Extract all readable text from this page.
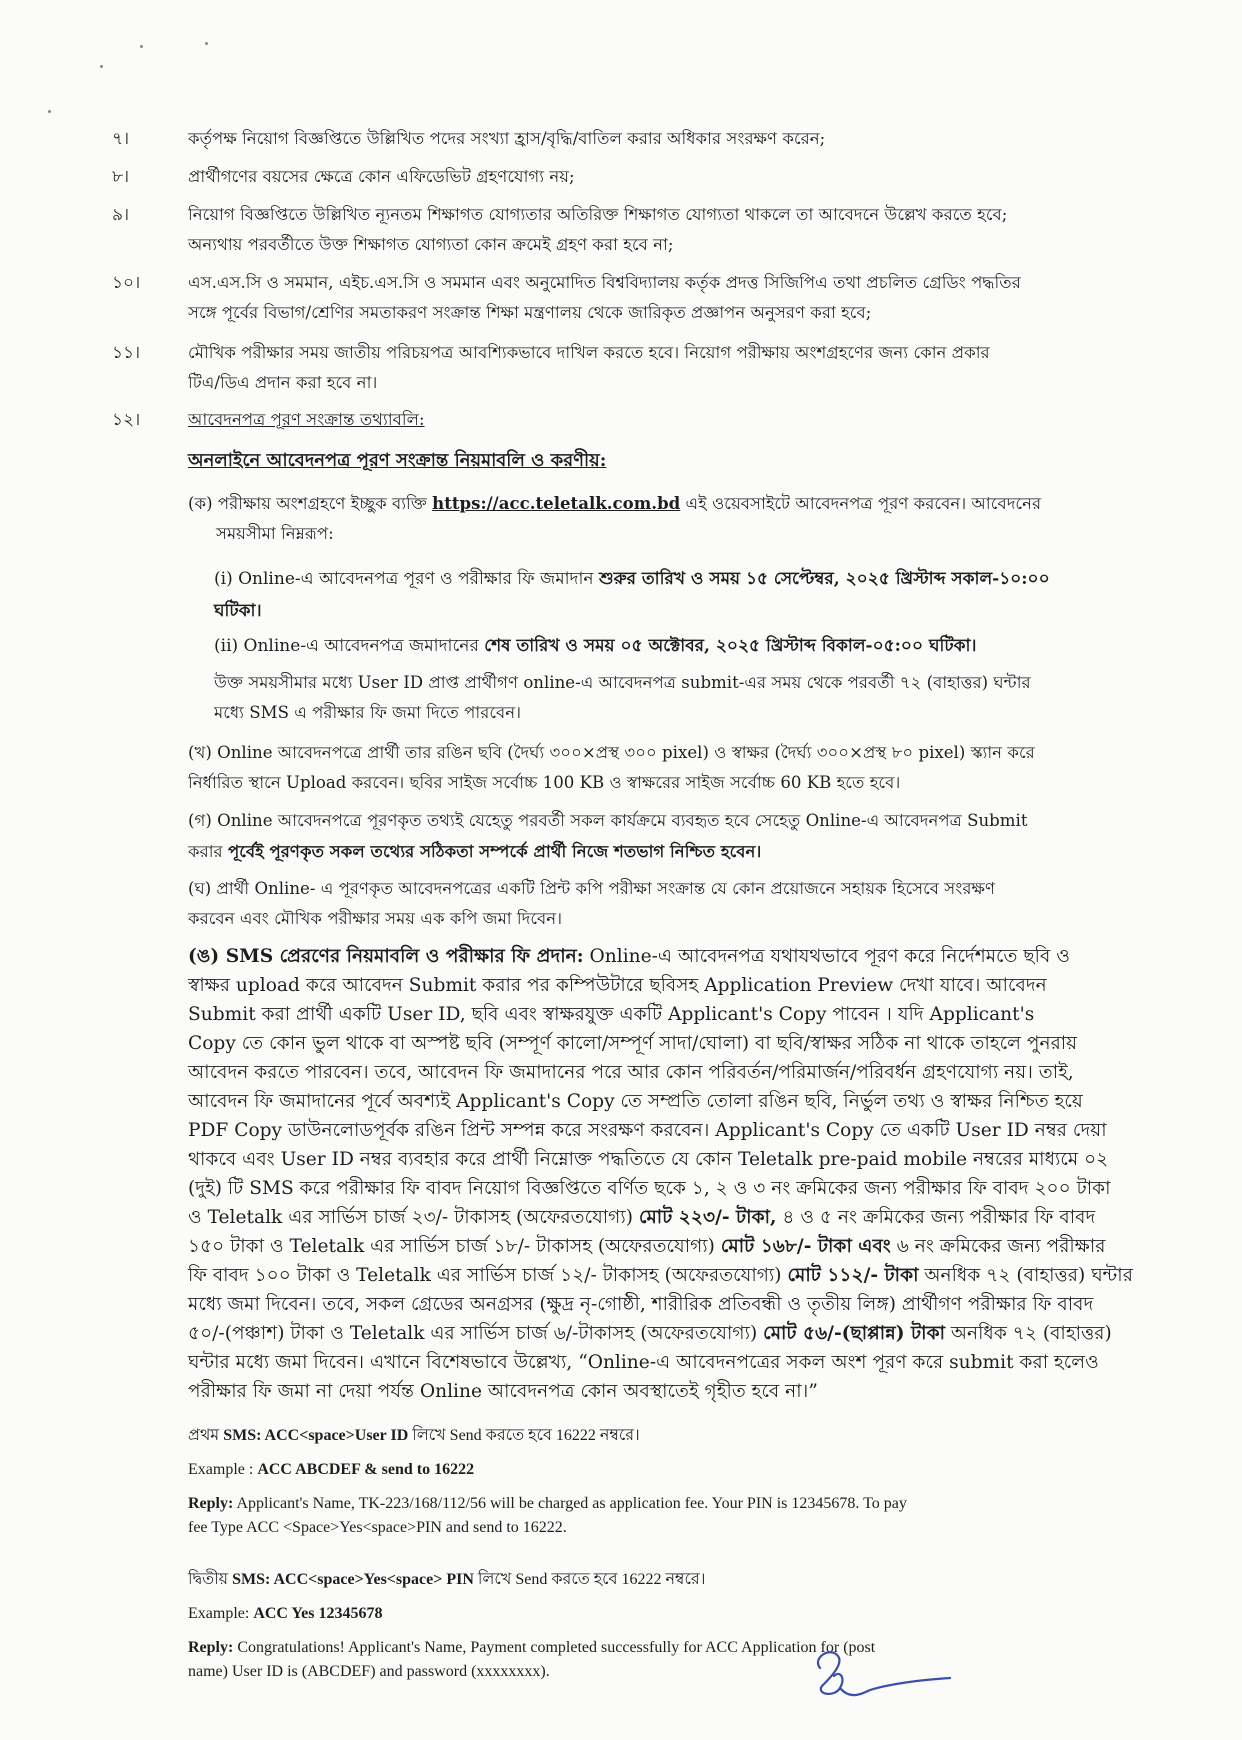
৭।	কর্তৃপক্ষ নিয়োগ বিজ্ঞপ্তিতে উল্লিখিত পদের সংখ্যা হ্রাস/বৃদ্ধি/বাতিল করার অধিকার সংরক্ষণ করেন;
৮।	প্রার্থীগণের বয়সের ক্ষেত্রে কোন এফিডেভিট গ্রহণযোগ্য নয়;
৯।	নিয়োগ বিজ্ঞপ্তিতে উল্লিখিত ন্যূনতম শিক্ষাগত যোগ্যতার অতিরিক্ত শিক্ষাগত যোগ্যতা থাকলে তা আবেদনে উল্লেখ করতে হবে;
অন্যথায় পরবর্তীতে উক্ত শিক্ষাগত যোগ্যতা কোন ক্রমেই গ্রহণ করা হবে না;
১০।	এস.এস.সি ও সমমান, এইচ.এস.সি ও সমমান এবং অনুমোদিত বিশ্ববিদ্যালয় কর্তৃক প্রদত্ত সিজিপিএ তথা প্রচলিত গ্রেডিং পদ্ধতির
সঙ্গে পূর্বের বিভাগ/শ্রেণির সমতাকরণ সংক্রান্ত শিক্ষা মন্ত্রণালয় থেকে জারিকৃত প্রজ্ঞাপন অনুসরণ করা হবে;
১১।	মৌখিক পরীক্ষার সময় জাতীয় পরিচয়পত্র আবশ্যিকভাবে দাখিল করতে হবে। নিয়োগ পরীক্ষায় অংশগ্রহণের জন্য কোন প্রকার
টিএ/ডিএ প্রদান করা হবে না।
১২।	আবেদনপত্র পূরণ সংক্রান্ত তথ্যাবলি:
অনলাইনে আবেদনপত্র পূরণ সংক্রান্ত নিয়মাবলি ও করণীয়:
(ক) পরীক্ষায় অংশগ্রহণে ইচ্ছুক ব্যক্তি https://acc.teletalk.com.bd এই ওয়েবসাইটে আবেদনপত্র পূরণ করবেন। আবেদনের
সময়সীমা নিম্নরূপ:
(i) Online-এ আবেদনপত্র পূরণ ও পরীক্ষার ফি জমাদান শুরুর তারিখ ও সময় ১৫ সেপ্টেম্বর, ২০২৫ খ্রিস্টাব্দ সকাল-১০:০০
ঘটিকা।
(ii) Online-এ আবেদনপত্র জমাদানের শেষ তারিখ ও সময় ০৫ অক্টোবর, ২০২৫ খ্রিস্টাব্দ বিকাল-০৫:০০ ঘটিকা।
উক্ত সময়সীমার মধ্যে User ID প্রাপ্ত প্রার্থীগণ online-এ আবেদনপত্র submit-এর সময় থেকে পরবর্তী ৭২ (বাহাত্তর) ঘন্টার
মধ্যে SMS এ পরীক্ষার ফি জমা দিতে পারবেন।
(খ) Online আবেদনপত্রে প্রার্থী তার রঙিন ছবি (দৈর্ঘ্য ৩০০×প্রস্থ ৩০০ pixel) ও স্বাক্ষর (দৈর্ঘ্য ৩০০×প্রস্থ ৮০ pixel) স্ক্যান করে
নির্ধারিত স্থানে Upload করবেন। ছবির সাইজ সর্বোচ্চ 100 KB ও স্বাক্ষরের সাইজ সর্বোচ্চ 60 KB হতে হবে।
(গ) Online আবেদনপত্রে পূরণকৃত তথ্যই যেহেতু পরবর্তী সকল কার্যক্রমে ব্যবহৃত হবে সেহেতু Online-এ আবেদনপত্র Submit
করার পূর্বেই পূরণকৃত সকল তথ্যের সঠিকতা সম্পর্কে প্রার্থী নিজে শতভাগ নিশ্চিত হবেন।
(ঘ) প্রার্থী Online- এ পূরণকৃত আবেদনপত্রের একটি প্রিন্ট কপি পরীক্ষা সংক্রান্ত যে কোন প্রয়োজনে সহায়ক হিসেবে সংরক্ষণ
করবেন এবং মৌখিক পরীক্ষার সময় এক কপি জমা দিবেন।
(ঙ) SMS প্রেরণের নিয়মাবলি ও পরীক্ষার ফি প্রদান: Online-এ আবেদনপত্র যথাযথভাবে পূরণ করে নির্দেশমতে ছবি ও
স্বাক্ষর upload করে আবেদন Submit করার পর কম্পিউটারে ছবিসহ Application Preview দেখা যাবে। আবেদন
Submit করা প্রার্থী একটি User ID, ছবি এবং স্বাক্ষরযুক্ত একটি Applicant's Copy পাবেন । যদি Applicant's
Copy তে কোন ভুল থাকে বা অস্পষ্ট ছবি (সম্পূর্ণ কালো/সম্পূর্ণ সাদা/ঘোলা) বা ছবি/স্বাক্ষর সঠিক না থাকে তাহলে পুনরায়
আবেদন করতে পারবেন। তবে, আবেদন ফি জমাদানের পরে আর কোন পরিবর্তন/পরিমার্জন/পরিবর্ধন গ্রহণযোগ্য নয়। তাই,
আবেদন ফি জমাদানের পূর্বে অবশ্যই Applicant's Copy তে সম্প্রতি তোলা রঙিন ছবি, নির্ভুল তথ্য ও স্বাক্ষর নিশ্চিত হয়ে
PDF Copy ডাউনলোডপূর্বক রঙিন প্রিন্ট সম্পন্ন করে সংরক্ষণ করবেন। Applicant's Copy তে একটি User ID নম্বর দেয়া
থাকবে এবং User ID নম্বর ব্যবহার করে প্রার্থী নিম্নোক্ত পদ্ধতিতে যে কোন Teletalk pre-paid mobile নম্বরের মাধ্যমে ০২
(দুই) টি SMS করে পরীক্ষার ফি বাবদ নিয়োগ বিজ্ঞপ্তিতে বর্ণিত ছকে ১, ২ ও ৩ নং ক্রমিকের জন্য পরীক্ষার ফি বাবদ ২০০ টাকা
ও Teletalk এর সার্ভিস চার্জ ২৩/- টাকাসহ (অফেরতযোগ্য) মোট ২২৩/- টাকা, ৪ ও ৫ নং ক্রমিকের জন্য পরীক্ষার ফি বাবদ
১৫০ টাকা ও Teletalk এর সার্ভিস চার্জ ১৮/- টাকাসহ (অফেরতযোগ্য) মোট ১৬৮/- টাকা এবং ৬ নং ক্রমিকের জন্য পরীক্ষার
ফি বাবদ ১০০ টাকা ও Teletalk এর সার্ভিস চার্জ ১২/- টাকাসহ (অফেরতযোগ্য) মোট ১১২/- টাকা অনধিক ৭২ (বাহাত্তর) ঘন্টার
মধ্যে জমা দিবেন। তবে, সকল গ্রেডের অনগ্রসর (ক্ষুদ্র নৃ-গোষ্ঠী, শারীরিক প্রতিবন্ধী ও তৃতীয় লিঙ্গ) প্রার্থীগণ পরীক্ষার ফি বাবদ
৫০/-(পঞ্চাশ) টাকা ও Teletalk এর সার্ভিস চার্জ ৬/-টাকাসহ (অফেরতযোগ্য) মোট ৫৬/-(ছাপ্পান্ন) টাকা অনধিক ৭২ (বাহাত্তর)
ঘন্টার মধ্যে জমা দিবেন। এখানে বিশেষভাবে উল্লেখ্য, “Online-এ আবেদনপত্রের সকল অংশ পূরণ করে submit করা হলেও
পরীক্ষার ফি জমা না দেয়া পর্যন্ত Online আবেদনপত্র কোন অবস্থাতেই গৃহীত হবে না।”
প্রথম SMS: ACC<space>User ID লিখে Send করতে হবে 16222 নম্বরে।
Example : ACC ABCDEF & send to 16222
Reply: Applicant's Name, TK-223/168/112/56 will be charged as application fee. Your PIN is 12345678. To pay
fee Type ACC <Space>Yes<space>PIN and send to 16222.
দ্বিতীয় SMS: ACC<space>Yes<space> PIN লিখে Send করতে হবে 16222 নম্বরে।
Example: ACC Yes 12345678
Reply: Congratulations! Applicant's Name, Payment completed successfully for ACC Application for (post
name) User ID is (ABCDEF) and password (xxxxxxxx).
